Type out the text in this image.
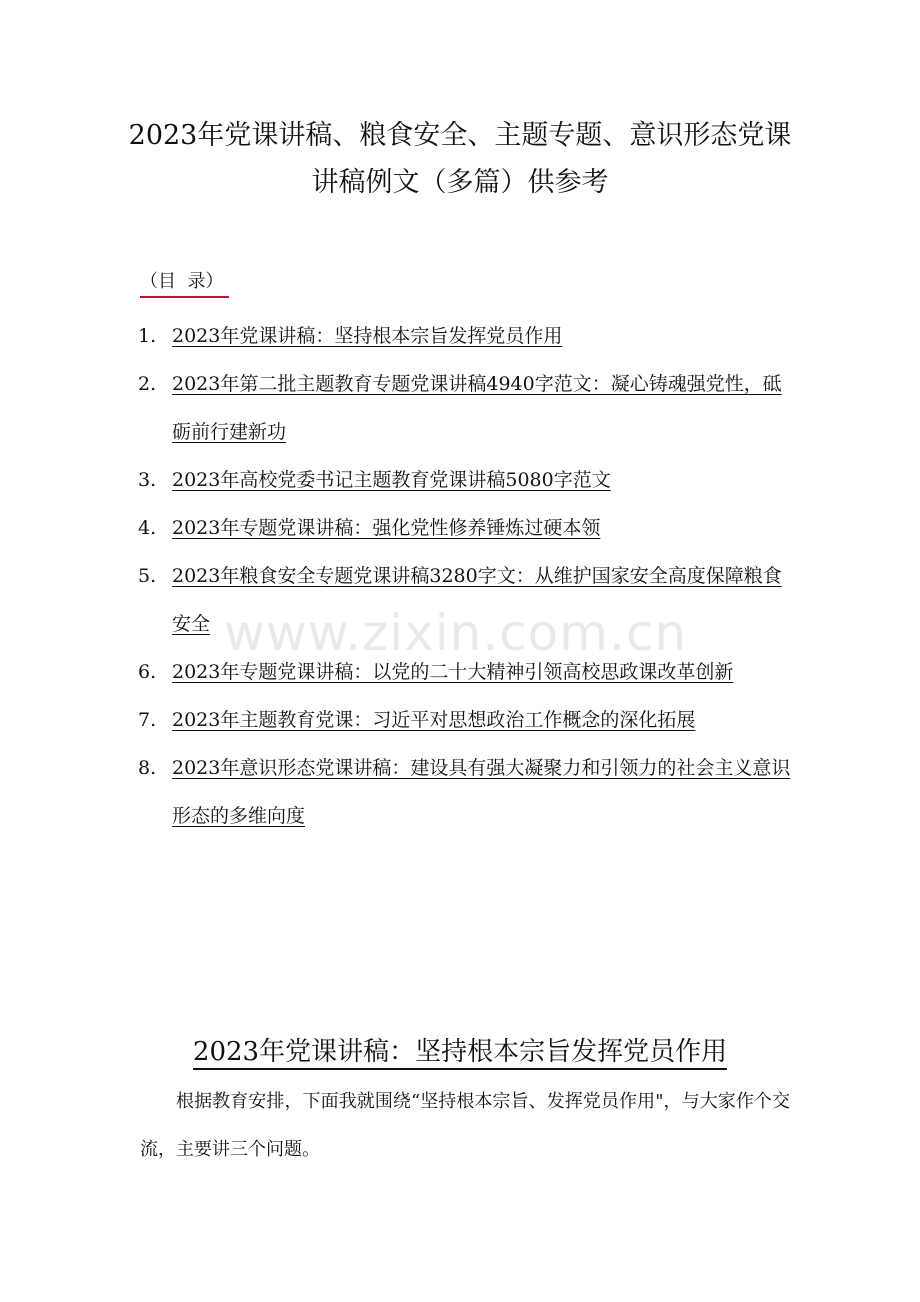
2023年党课讲稿、粮食安全、主题专题、意识形态党课讲稿例文（多篇）供参考
（目  录）
1. 2023年党课讲稿：坚持根本宗旨发挥党员作用
2. 2023年第二批主题教育专题党课讲稿4940字范文：凝心铸魂强党性，砥砺前行建新功
3. 2023年高校党委书记主题教育党课讲稿5080字范文
4. 2023年专题党课讲稿：强化党性修养锤炼过硬本领
5. 2023年粮食安全专题党课讲稿3280字文：从维护国家安全高度保障粮食安全
6. 2023年专题党课讲稿：以党的二十大精神引领高校思政课改革创新
7. 2023年主题教育党课：习近平对思想政治工作概念的深化拓展
8. 2023年意识形态党课讲稿：建设具有强大凝聚力和引领力的社会主义意识形态的多维向度
www.zixin.com.cn
2023年党课讲稿：坚持根本宗旨发挥党员作用

根据教育安排，下面我就围绕“坚持根本宗旨、发挥党员作用"，与大家作个交流，主要讲三个问题。
